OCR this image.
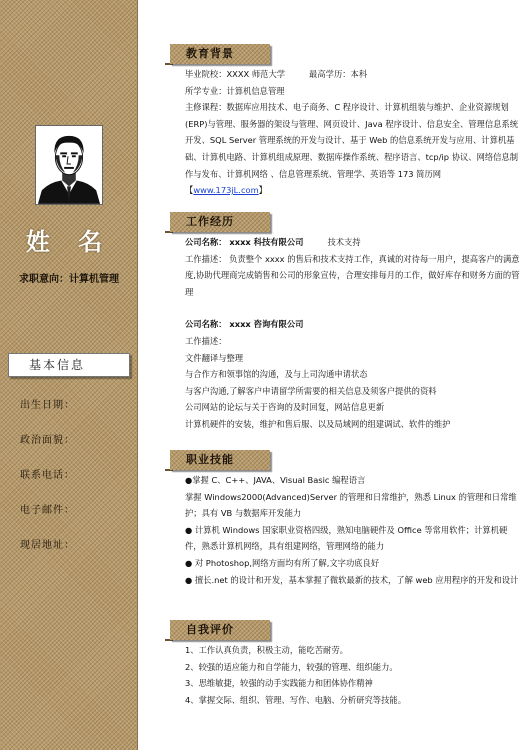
姓 名
求职意向：计算机管理
基本信息
出生日期：
政治面貌：
联系电话：
电子邮件：
现居地址：
教育背景

毕业院校：XXXX 师范大学	最高学历：本科

所学专业：计算机信息管理

主修课程：数据库应用技术、电子商务、C 程序设计、计算机组装与维护、企业资源规划(ERP)与管理、服务器的架设与管理、网页设计、Java 程序设计、信息安全、管理信息系统开发、SQL Server 管理系统的开发与设计、基于 Web 的信息系统开发与应用、计算机基础、计算机电路、计算机组成原理、数据库操作系统、程序语言、tcp/ip 协议、网络信息制作与发布、计算机网络 、信息管理系统、管理学、英语等 173 简历网【www.173jL.com】

工作经历

公司名称： xxxx 科技有限公司	技术支持

工作描述： 负责整个 xxxx 的售后和技术支持工作，真诚的对待每一用户，提高客户的满意度,协助代理商完成销售和公司的形象宣传，合理安排每月的工作，做好库存和财务方面的管理

公司名称： xxxx 咨询有限公司

工作描述：

文件翻译与整理

与合作方和领事馆的沟通，及与上司沟通申请状态

与客户沟通,了解客户申请留学所需要的相关信息及须客户提供的资料

公司网站的论坛与关于咨询的及时回复，网站信息更新

计算机硬件的安装，维护和售后服、以及局域网的组建调试、软件的维护

职业技能

●掌握 C、C++、JAVA、Visual Basic 编程语言

掌握 Windows2000(Advanced)Server 的管理和日常维护，熟悉 Linux 的管理和日常维护；具有 VB 与数据库开发能力

● 计算机 Windows 国家职业资格四级，熟知电脑硬件及 Office 等常用软件；计算机硬件，熟悉计算机网络，具有组建网络，管理网络的能力

● 对 Photoshop,网络方面均有所了解,文字功底良好

● 擅长.net 的设计和开发，基本掌握了微软最新的技术，了解 web 应用程序的开发和设计

自我评价

1、工作认真负责，积极主动，能吃苦耐劳。

2、较强的适应能力和自学能力，较强的管理、组织能力。

3、思维敏捷，较强的动手实践能力和团体协作精神

4、掌握交际、组织、管理、写作、电脑、分析研究等技能。
